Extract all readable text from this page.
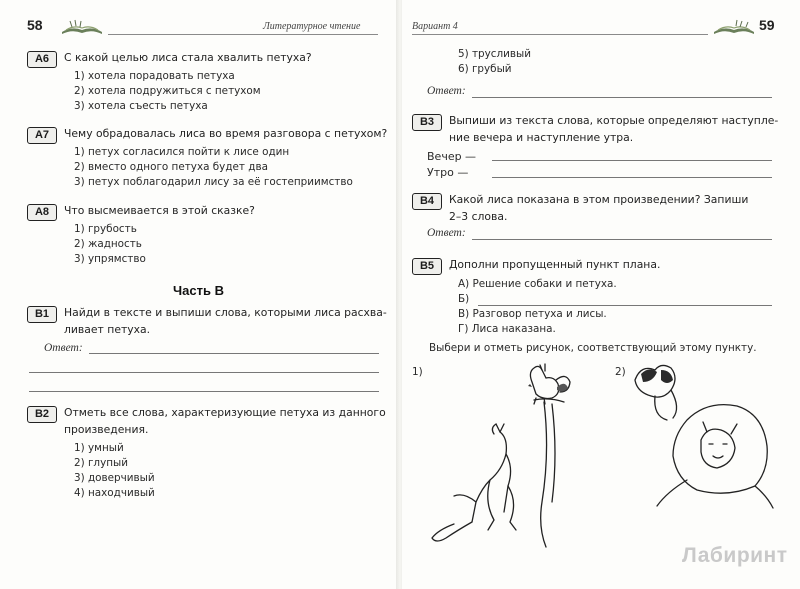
58	Литературное чтение
А6	С какой целью лиса стала хвалить петуха?
1) хотела порадовать петуха
2) хотела подружиться с петухом
3) хотела съесть петуха
А7	Чему обрадовалась лиса во время разговора с петухом?
1) петух согласился пойти к лисе один
2) вместо одного петуха будет два
3) петух поблагодарил лису за её гостеприимство
А8	Что высмеивается в этой сказке?
1) грубость
2) жадность
3) упрямство
Часть В
В1	Найди в тексте и выпиши слова, которыми лиса расхва-
ливает петуха.
Ответ:
В2	Отметь все слова, характеризующие петуха из данного
произведения.
1) умный
2) глупый
3) доверчивый
4) находчивый
Вариант 4	59
5) трусливый
6) грубый
Ответ:
В3	Выпиши из текста слова, которые определяют наступле-
ние вечера и наступление утра.
Вечер —
Утро —
В4	Какой лиса показана в этом произведении? Запиши
2–3 слова.
Ответ:
В5	Дополни пропущенный пункт плана.
А) Решение собаки и петуха.
Б)
В) Разговор петуха и лисы.
Г) Лиса наказана.
Выбери и отметь рисунок, соответствующий этому пункту.
1)	2)
Лабиринт
